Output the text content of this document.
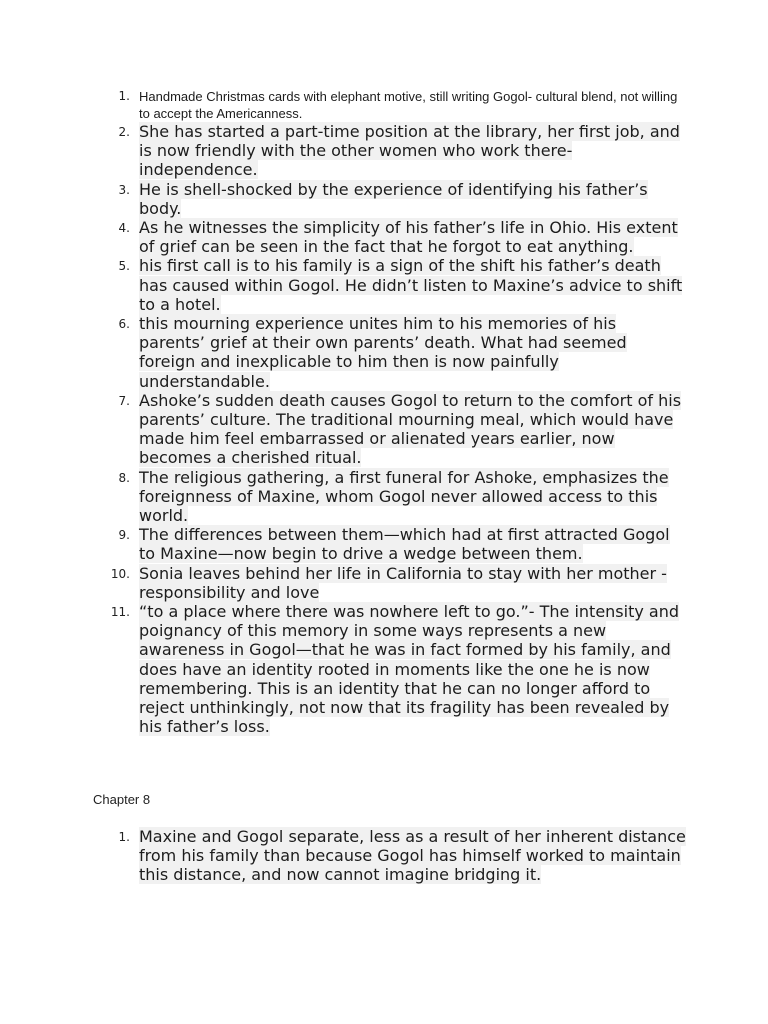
1. Handmade Christmas cards with elephant motive, still writing Gogol- cultural blend, not willing to accept the Americanness.
2. She has started a part-time position at the library, her first job, and is now friendly with the other women who work there- independence.
3. He is shell-shocked by the experience of identifying his father’s body.
4. As he witnesses the simplicity of his father’s life in Ohio. His extent of grief can be seen in the fact that he forgot to eat anything.
5. his first call is to his family is a sign of the shift his father’s death has caused within Gogol. He didn’t listen to Maxine’s advice to shift to a hotel.
6. this mourning experience unites him to his memories of his parents’ grief at their own parents’ death. What had seemed foreign and inexplicable to him then is now painfully understandable.
7. Ashoke’s sudden death causes Gogol to return to the comfort of his parents’ culture. The traditional mourning meal, which would have made him feel embarrassed or alienated years earlier, now becomes a cherished ritual.
8. The religious gathering, a first funeral for Ashoke, emphasizes the foreignness of Maxine, whom Gogol never allowed access to this world.
9. The differences between them—which had at first attracted Gogol to Maxine—now begin to drive a wedge between them.
10. Sonia leaves behind her life in California to stay with her mother -responsibility and love
11. “to a place where there was nowhere left to go.”- The intensity and poignancy of this memory in some ways represents a new awareness in Gogol—that he was in fact formed by his family, and does have an identity rooted in moments like the one he is now remembering. This is an identity that he can no longer afford to reject unthinkingly, not now that its fragility has been revealed by his father’s loss.
Chapter 8
1. Maxine and Gogol separate, less as a result of her inherent distance from his family than because Gogol has himself worked to maintain this distance, and now cannot imagine bridging it.
